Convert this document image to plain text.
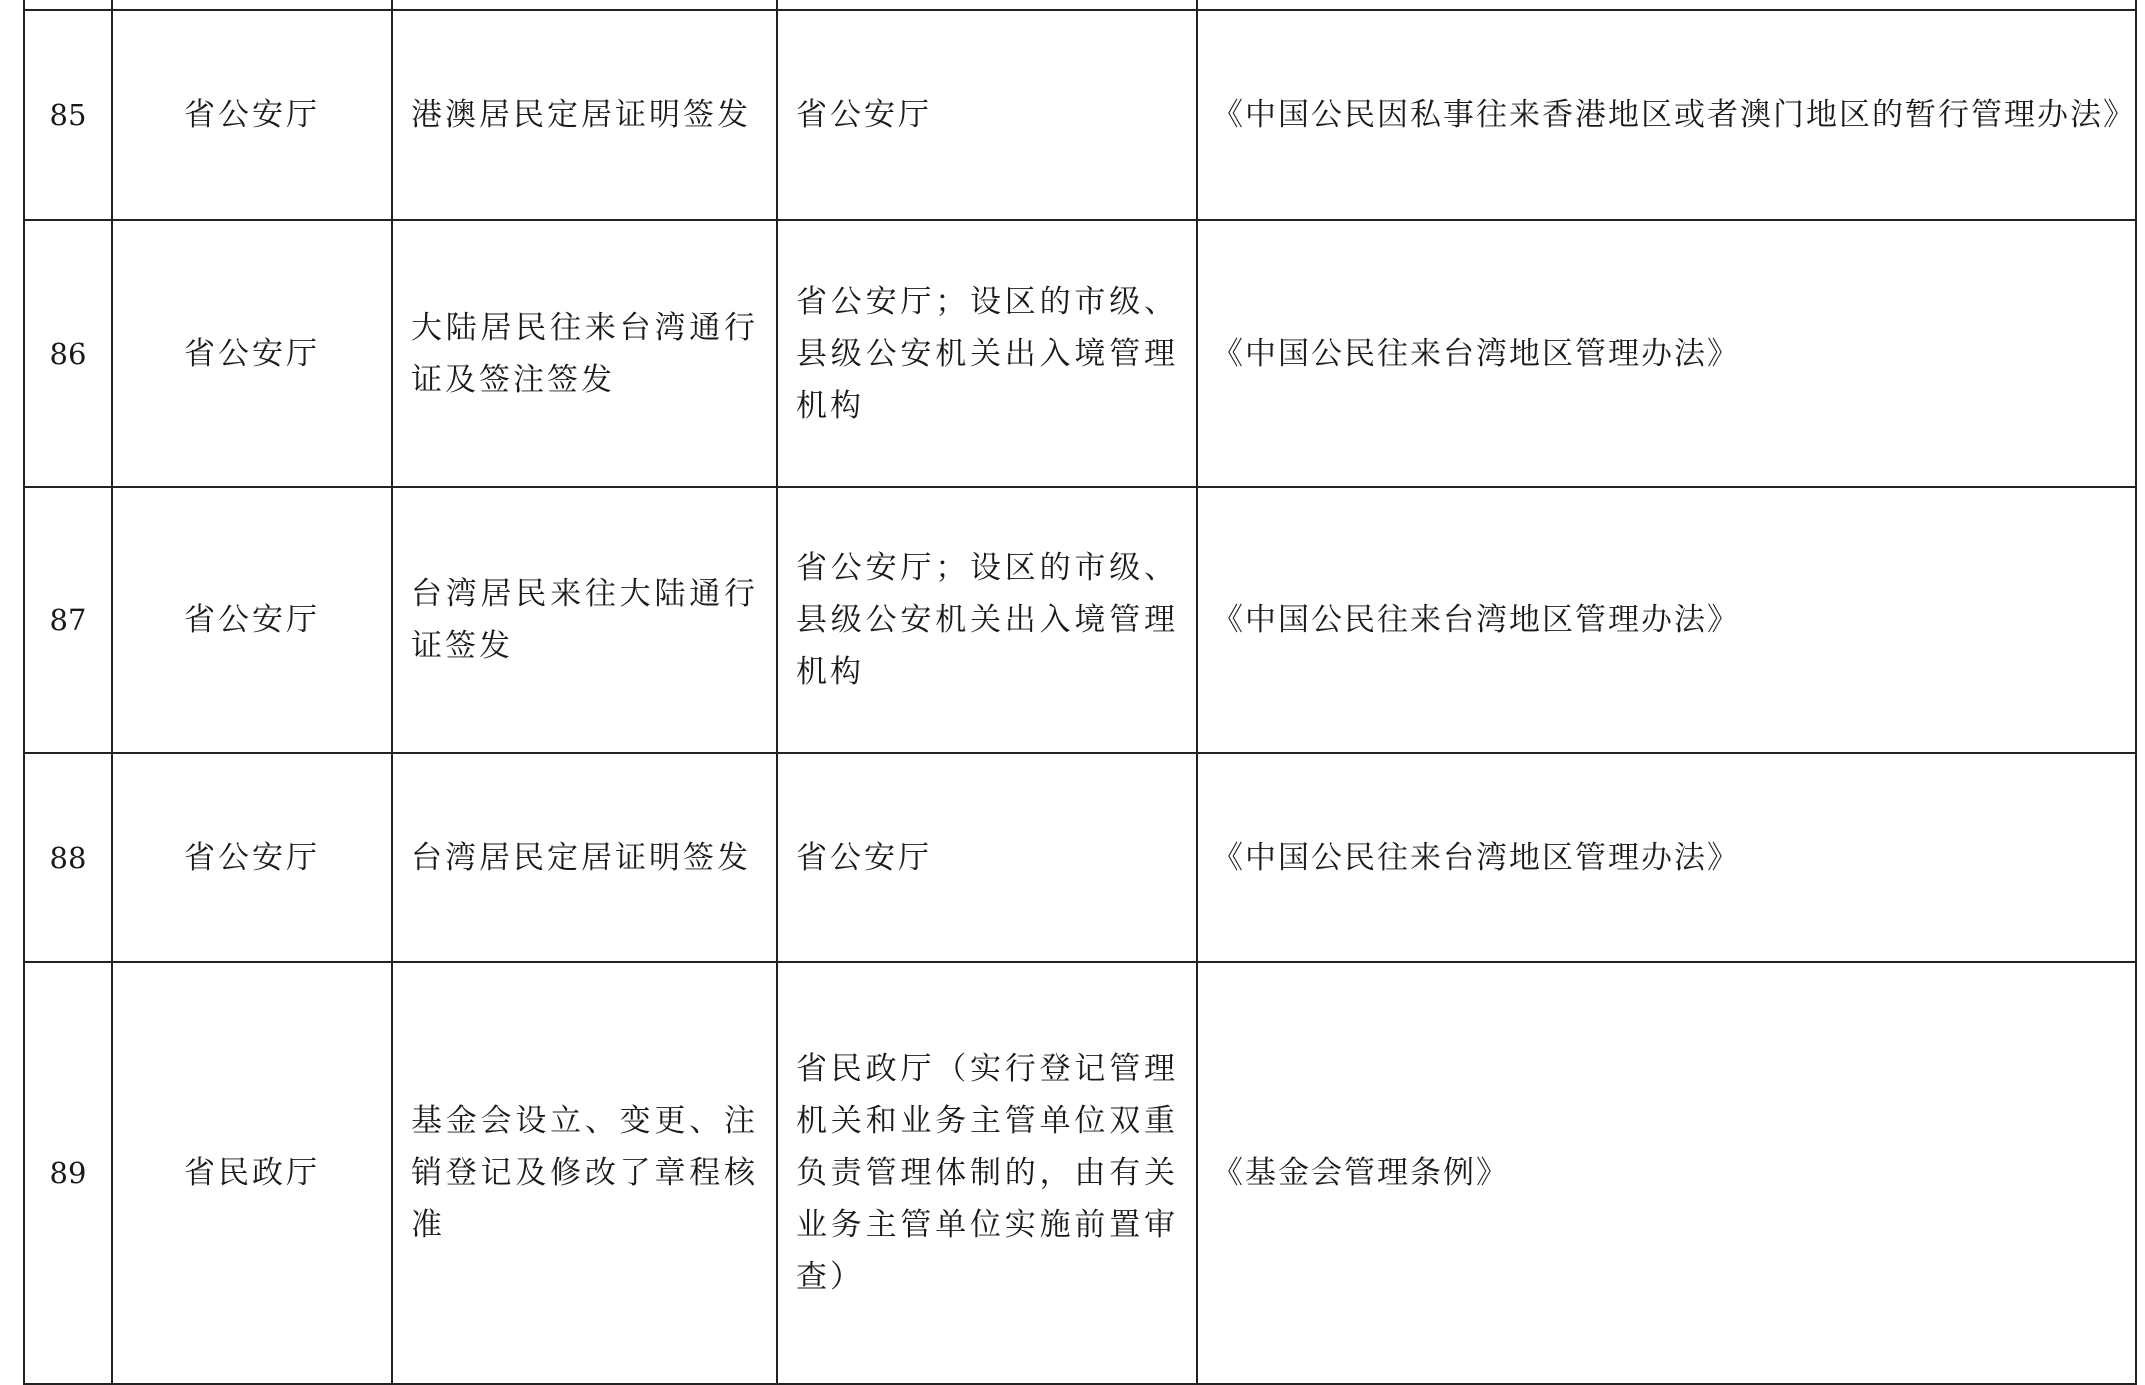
85	省公安厅	港澳居民定居证明签发	省公安厅	《中国公民因私事往来香港地区或者澳门地区的暂行管理办法》
86	省公安厅	大陆居民往来台湾通行证及签注签发	省公安厅；设区的市级、县级公安机关出入境管理机构	《中国公民往来台湾地区管理办法》
87	省公安厅	台湾居民来往大陆通行证签发	省公安厅；设区的市级、县级公安机关出入境管理机构	《中国公民往来台湾地区管理办法》
88	省公安厅	台湾居民定居证明签发	省公安厅	《中国公民往来台湾地区管理办法》
89	省民政厅	基金会设立、变更、注销登记及修改了章程核准	省民政厅（实行登记管理机关和业务主管单位双重负责管理体制的，由有关业务主管单位实施前置审查）	《基金会管理条例》
